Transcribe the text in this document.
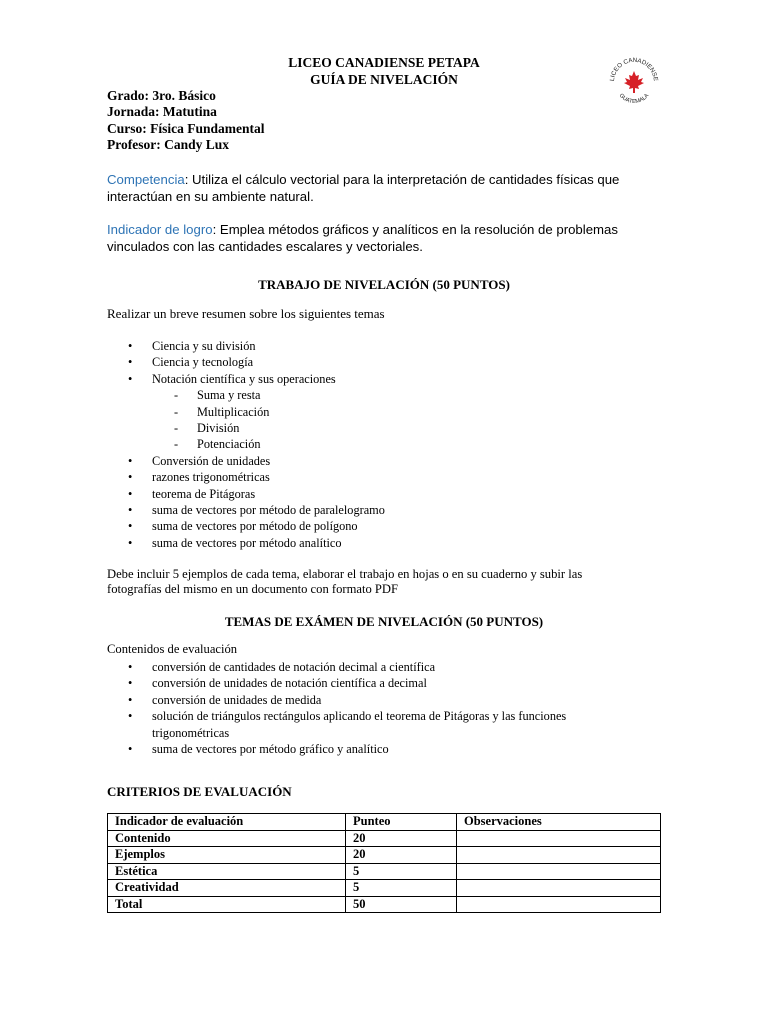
LICEO CANADIENSE PETAPA
GUÍA DE NIVELACIÓN	LICEO CANADIENSE
GUATEMALA
Grado: 3ro. Básico
Jornada: Matutina
Curso: Física Fundamental
Profesor: Candy Lux
Competencia: Utiliza el cálculo vectorial para la interpretación de cantidades físicas que
interactúan en su ambiente natural.
Indicador de logro: Emplea métodos gráficos y analíticos en la resolución de problemas
vinculados con las cantidades escalares y vectoriales.
TRABAJO DE NIVELACIÓN (50 PUNTOS)
Realizar un breve resumen sobre los siguientes temas
• Ciencia y su división
• Ciencia y tecnología
• Notación científica y sus operaciones
- Suma y resta
- Multiplicación
- División
- Potenciación
• Conversión de unidades
• razones trigonométricas
• teorema de Pitágoras
• suma de vectores por método de paralelogramo
• suma de vectores por método de polígono
• suma de vectores por método analítico
Debe incluir 5 ejemplos de cada tema, elaborar el trabajo en hojas o en su cuaderno y subir las
fotografías del mismo en un documento con formato PDF
TEMAS DE EXÁMEN DE NIVELACIÓN (50 PUNTOS)
Contenidos de evaluación
• conversión de cantidades de notación decimal a científica
• conversión de unidades de notación científica a decimal
• conversión de unidades de medida
• solución de triángulos rectángulos aplicando el teorema de Pitágoras y las funciones
trigonométricas
• suma de vectores por método gráfico y analítico
CRITERIOS DE EVALUACIÓN
Indicador de evaluación	Punteo	Observaciones
Contenido	20	
Ejemplos	20	
Estética	5	
Creatividad	5	
Total	50	
